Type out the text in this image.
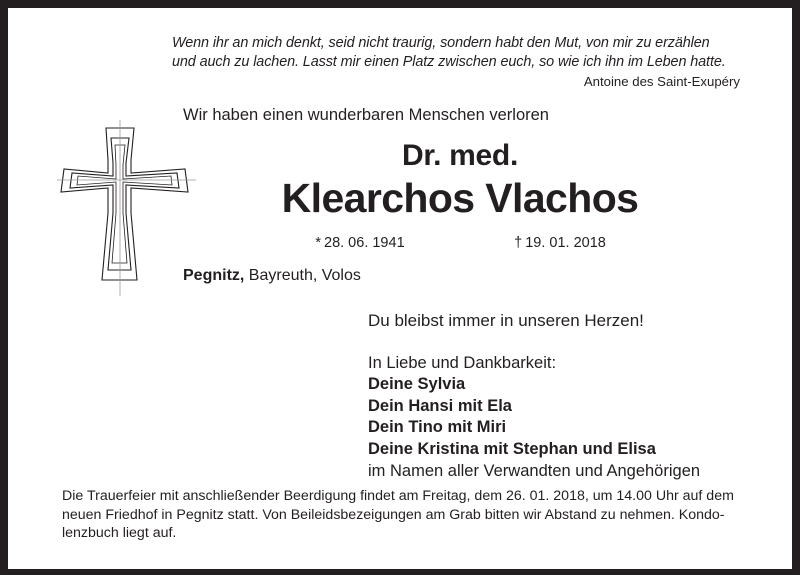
Wenn ihr an mich denkt, seid nicht traurig, sondern habt den Mut, von mir zu erzählen
und auch zu lachen. Lasst mir einen Platz zwischen euch, so wie ich ihn im Leben hatte.
Antoine des Saint-Exupéry
Wir haben einen wunderbaren Menschen verloren
Dr. med.
Klearchos Vlachos
* 28. 06. 1941	† 19. 01. 2018
Pegnitz, Bayreuth, Volos
Du bleibst immer in unseren Herzen!
In Liebe und Dankbarkeit:
Deine Sylvia
Dein Hansi mit Ela
Dein Tino mit Miri
Deine Kristina mit Stephan und Elisa
im Namen aller Verwandten und Angehörigen
Die Trauerfeier mit anschließender Beerdigung findet am Freitag, dem 26. 01. 2018, um 14.00 Uhr auf dem
neuen Friedhof in Pegnitz statt. Von Beileidsbezeigungen am Grab bitten wir Abstand zu nehmen. Kondo-
lenzbuch liegt auf.
